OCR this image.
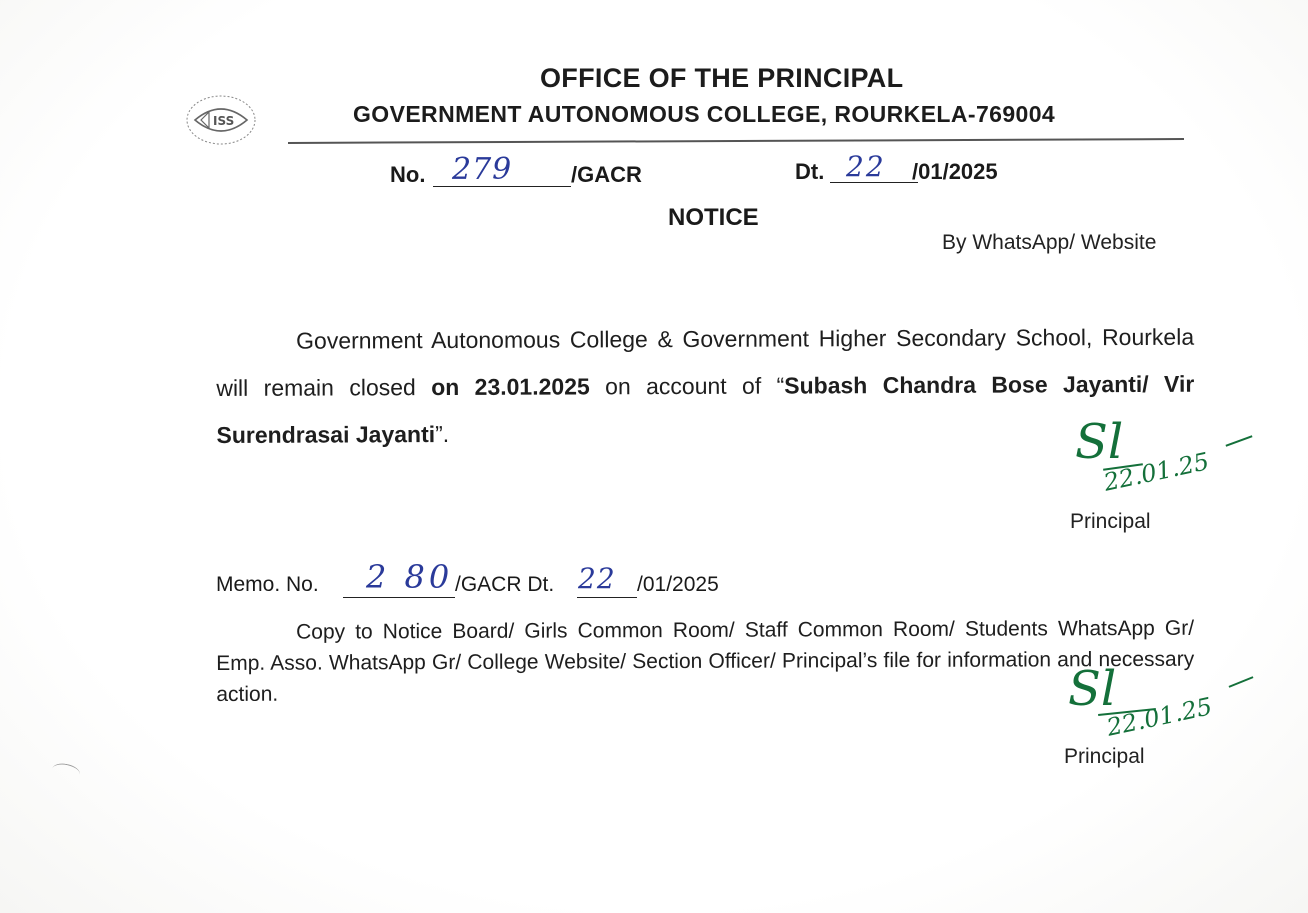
ISS
OFFICE OF THE PRINCIPAL
GOVERNMENT AUTONOMOUS COLLEGE, ROURKELA-769004
No. 279	/GACR	Dt. 22 /01/2025
NOTICE
By WhatsApp/ Website
Government Autonomous College & Government Higher Secondary School, Rourkela will remain closed on 23.01.2025 on account of “Subash Chandra Bose Jayanti/ Vir Surendrasai Jayanti”.	Sl
22.01.25
Principal
Memo. No. 2 80 /GACR Dt. 22 /01/2025
Copy to Notice Board/ Girls Common Room/ Staff Common Room/ Students WhatsApp Gr/ Emp. Asso. WhatsApp Gr/ College Website/ Section Officer/ Principal’s file for information and necessary action.	Sl
22.01.25
Principal
